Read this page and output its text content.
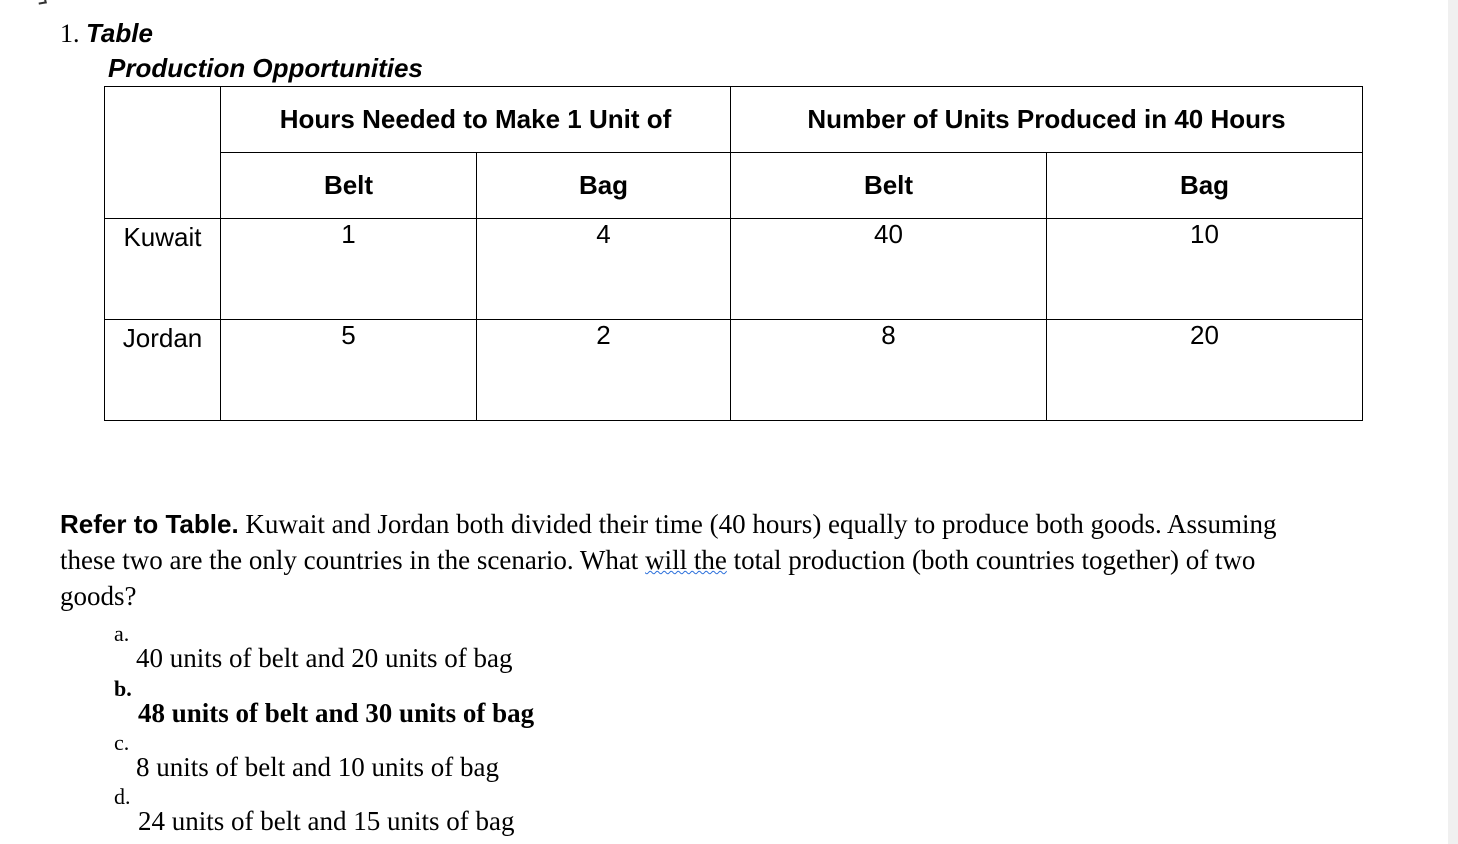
1. Table
Production Opportunities
	Hours Needed to Make 1 Unit of		Number of Units Produced in 40 Hours	
	Belt	Bag	Belt	Bag
Kuwait	1	4	40	10
Jordan	5	2	8	20
Refer to Table. Kuwait and Jordan both divided their time (40 hours) equally to produce both goods. Assuming these two are the only countries in the scenario. What will the total production (both countries together) of two goods?
a.
40 units of belt and 20 units of bag
b.
48 units of belt and 30 units of bag
c.
8 units of belt and 10 units of bag
d.
24 units of belt and 15 units of bag
